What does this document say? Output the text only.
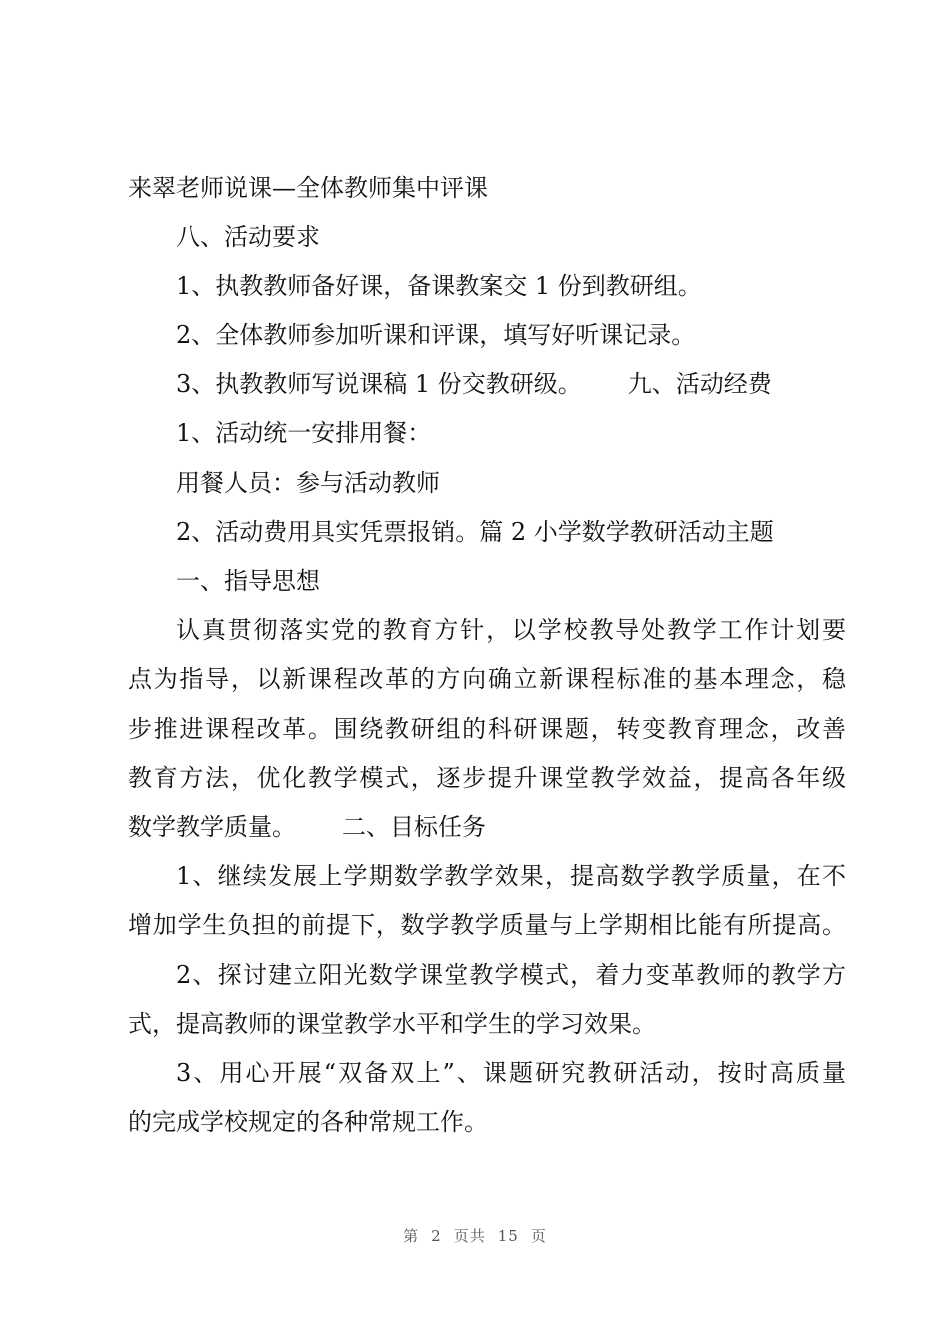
来翠老师说课—全体教师集中评课
八、活动要求
1、执教教师备好课，备课教案交 1 份到教研组。
2、全体教师参加听课和评课，填写好听课记录。
3、执教教师写说课稿 1 份交教研级。 九、活动经费
1、活动统一安排用餐：
用餐人员：参与活动教师
2、活动费用具实凭票报销。篇 2 小学数学教研活动主题
一、指导思想
认真贯彻落实党的教育方针，以学校教导处教学工作计划要
点为指导，以新课程改革的方向确立新课程标准的基本理念，稳
步推进课程改革。围绕教研组的科研课题，转变教育理念，改善
教育方法，优化教学模式，逐步提升课堂教学效益，提高各年级
数学教学质量。 二、目标任务
1、继续发展上学期数学教学效果，提高数学教学质量，在不
增加学生负担的前提下，数学教学质量与上学期相比能有所提高。
2、探讨建立阳光数学课堂教学模式，着力变革教师的教学方
式，提高教师的课堂教学水平和学生的学习效果。
3、用心开展“双备双上”、课题研究教研活动，按时高质量
的完成学校规定的各种常规工作。
第 2 页共 15 页
